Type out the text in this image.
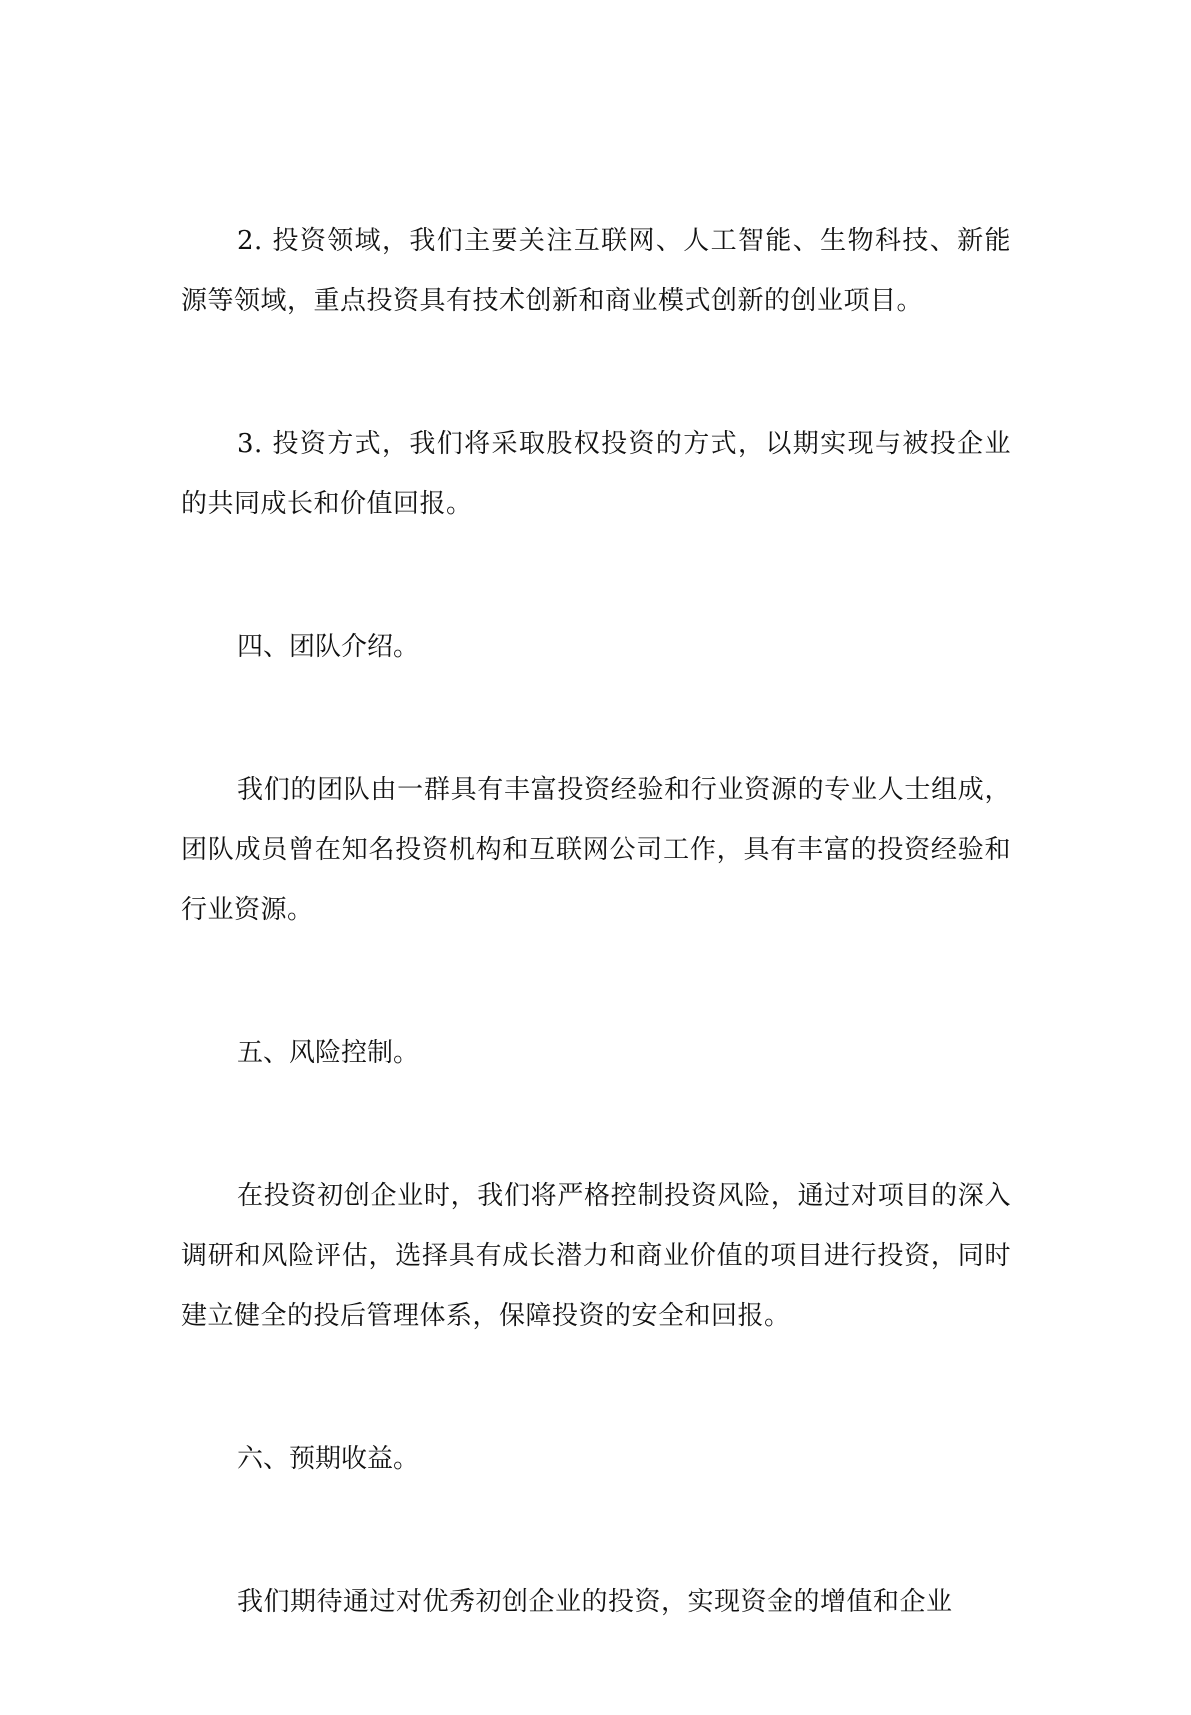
2. 投资领域，我们主要关注互联网、人工智能、生物科技、新能源等领域，重点投资具有技术创新和商业模式创新的创业项目。

3. 投资方式，我们将采取股权投资的方式，以期实现与被投企业的共同成长和价值回报。

四、团队介绍。

我们的团队由一群具有丰富投资经验和行业资源的专业人士组成，团队成员曾在知名投资机构和互联网公司工作，具有丰富的投资经验和行业资源。

五、风险控制。

在投资初创企业时，我们将严格控制投资风险，通过对项目的深入调研和风险评估，选择具有成长潜力和商业价值的项目进行投资，同时建立健全的投后管理体系，保障投资的安全和回报。

六、预期收益。

我们期待通过对优秀初创企业的投资，实现资金的增值和企业
